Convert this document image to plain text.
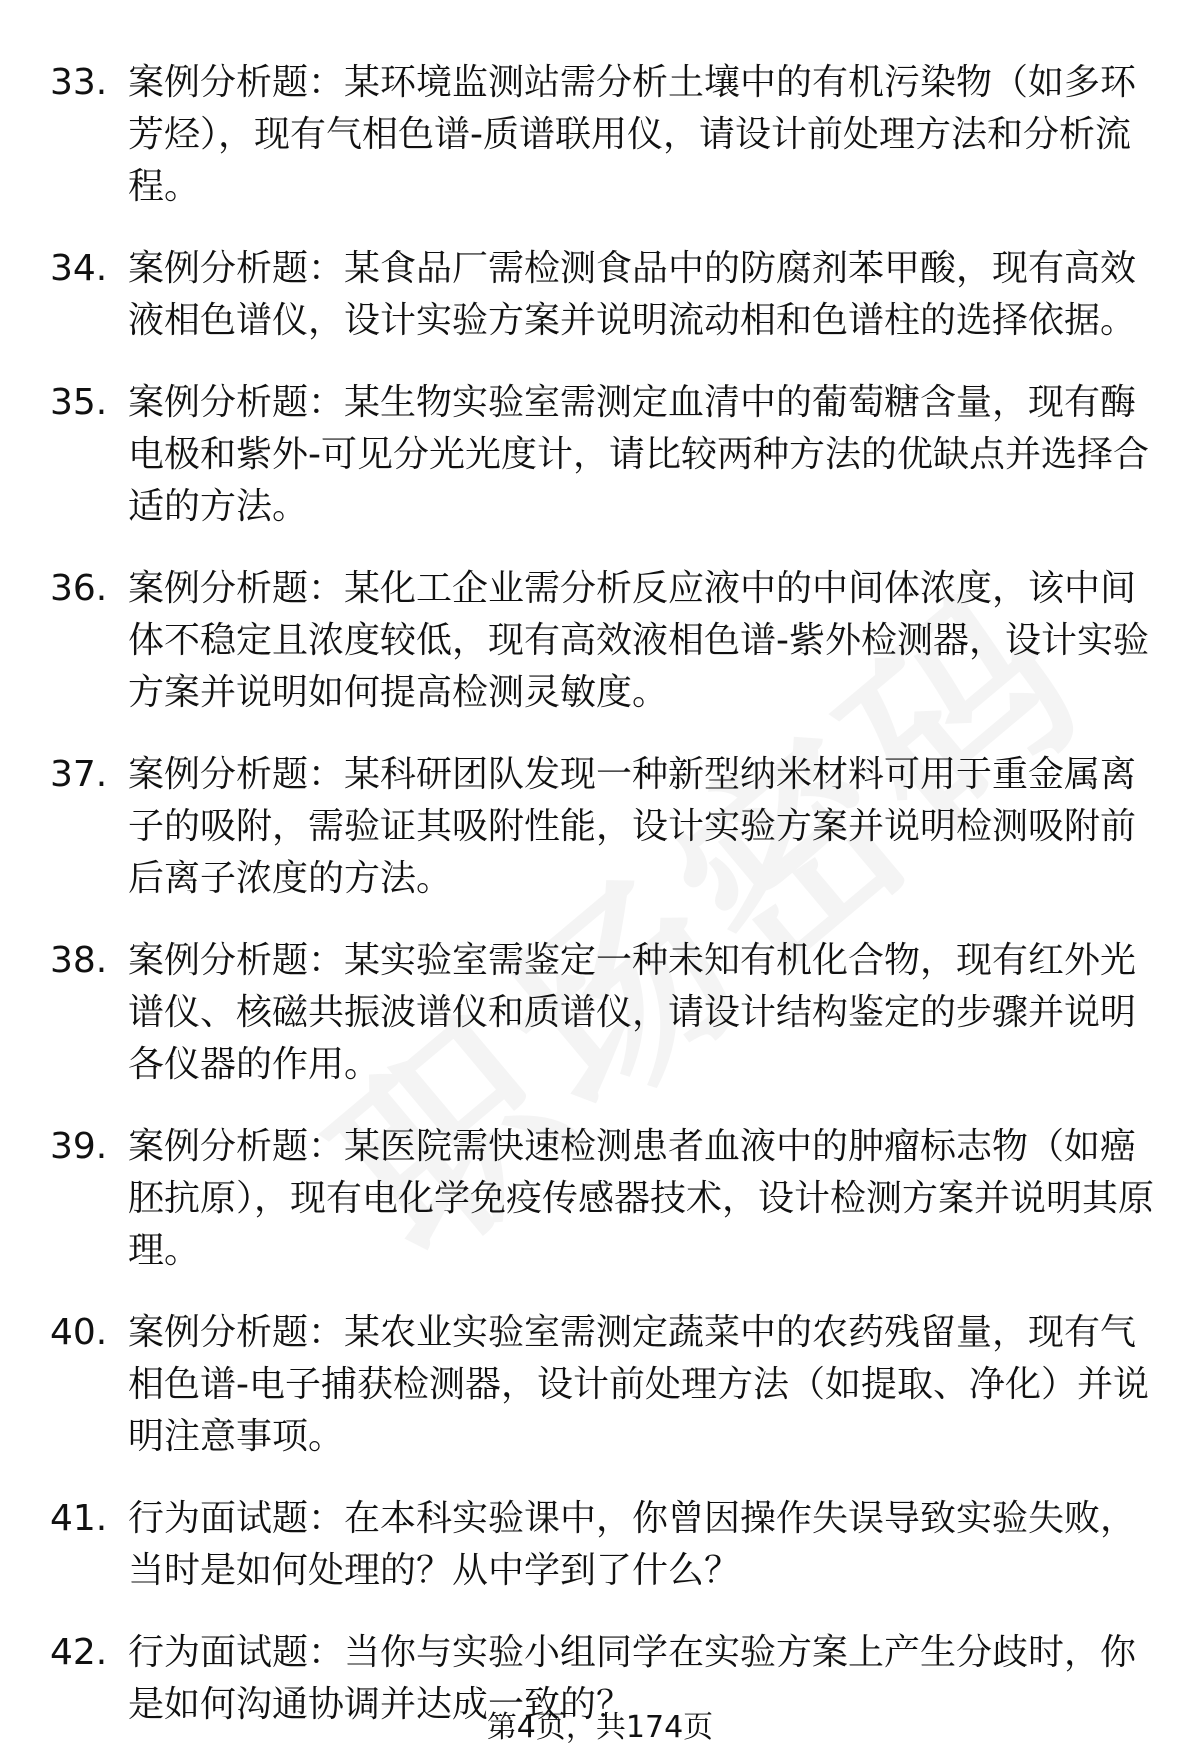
33. 案例分析题：某环境监测站需分析土壤中的有机污染物（如多环芳烃），现有气相色谱-质谱联用仪，请设计前处理方法和分析流程。
34. 案例分析题：某食品厂需检测食品中的防腐剂苯甲酸，现有高效液相色谱仪，设计实验方案并说明流动相和色谱柱的选择依据。
35. 案例分析题：某生物实验室需测定血清中的葡萄糖含量，现有酶电极和紫外-可见分光光度计，请比较两种方法的优缺点并选择合适的方法。
36. 案例分析题：某化工企业需分析反应液中的中间体浓度，该中间体不稳定且浓度较低，现有高效液相色谱-紫外检测器，设计实验方案并说明如何提高检测灵敏度。
37. 案例分析题：某科研团队发现一种新型纳米材料可用于重金属离子的吸附，需验证其吸附性能，设计实验方案并说明检测吸附前后离子浓度的方法。
38. 案例分析题：某实验室需鉴定一种未知有机化合物，现有红外光谱仪、核磁共振波谱仪和质谱仪，请设计结构鉴定的步骤并说明各仪器的作用。
39. 案例分析题：某医院需快速检测患者血液中的肿瘤标志物（如癌胚抗原），现有电化学免疫传感器技术，设计检测方案并说明其原理。
40. 案例分析题：某农业实验室需测定蔬菜中的农药残留量，现有气相色谱-电子捕获检测器，设计前处理方法（如提取、净化）并说明注意事项。
41. 行为面试题：在本科实验课中，你曾因操作失误导致实验失败，当时是如何处理的？从中学到了什么？
42. 行为面试题：当你与实验小组同学在实验方案上产生分歧时，你是如何沟通协调并达成一致的？
第4页，共174页
